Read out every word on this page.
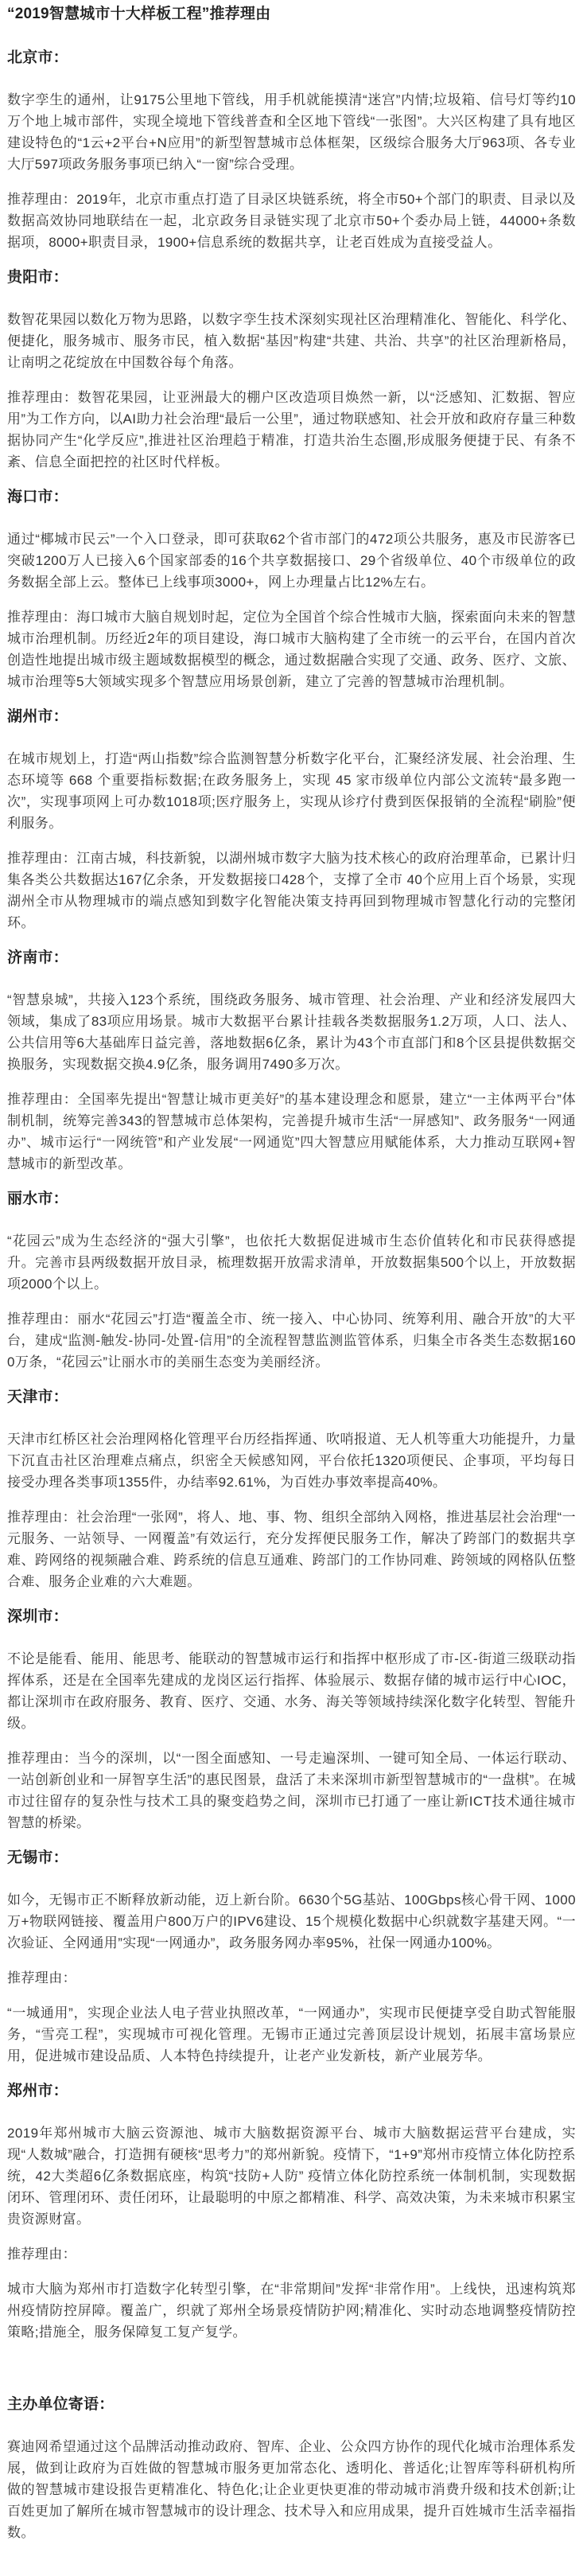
“2019智慧城市十大样板工程”推荐理由
北京市：

数字孪生的通州，让9175公里地下管线，用手机就能摸清“迷宫”内情;垃圾箱、信号灯等约10万个地上城市部件，实现全境地下管线普查和全区地下管线“一张图”。大兴区构建了具有地区建设特色的“1云+2平台+N应用”的新型智慧城市总体框架，区级综合服务大厅963项、各专业大厅597项政务服务事项已纳入“一窗”综合受理。

推荐理由：2019年，北京市重点打造了目录区块链系统，将全市50+个部门的职责、目录以及数据高效协同地联结在一起，北京政务目录链实现了北京市50+个委办局上链，44000+条数据项，8000+职责目录，1900+信息系统的数据共享，让老百姓成为直接受益人。

贵阳市：

数智花果园以数化万物为思路，以数字孪生技术深刻实现社区治理精准化、智能化、科学化、便捷化，服务城市、服务市民，植入数据“基因”构建“共建、共治、共享”的社区治理新格局，让南明之花绽放在中国数谷每个角落。

推荐理由：数智花果园，让亚洲最大的棚户区改造项目焕然一新，以“泛感知、汇数据、智应用”为工作方向，以AI助力社会治理“最后一公里”，通过物联感知、社会开放和政府存量三种数据协同产生“化学反应”,推进社区治理趋于精准，打造共治生态圈,形成服务便捷于民、有条不紊、信息全面把控的社区时代样板。

海口市：

通过“椰城市民云”一个入口登录，即可获取62个省市部门的472项公共服务，惠及市民游客已突破1200万人已接入6个国家部委的16个共享数据接口、29个省级单位、40个市级单位的政务数据全部上云。整体已上线事项3000+，网上办理量占比12%左右。

推荐理由：海口城市大脑自规划时起，定位为全国首个综合性城市大脑，探索面向未来的智慧城市治理机制。历经近2年的项目建设，海口城市大脑构建了全市统一的云平台，在国内首次创造性地提出城市级主题域数据模型的概念，通过数据融合实现了交通、政务、医疗、文旅、城市治理等5大领域实现多个智慧应用场景创新，建立了完善的智慧城市治理机制。

湖州市：

在城市规划上，打造“两山指数”综合监测智慧分析数字化平台，汇聚经济发展、社会治理、生态环境等 668 个重要指标数据;在政务服务上，实现 45 家市级单位内部公文流转“最多跑一次”，实现事项网上可办数1018项;医疗服务上，实现从诊疗付费到医保报销的全流程“刷脸”便利服务。

推荐理由：江南古城，科技新貌，以湖州城市数字大脑为技术核心的政府治理革命，已累计归集各类公共数据达167亿余条，开发数据接口428个，支撑了全市 40个应用上百个场景，实现湖州全市从物理城市的端点感知到数字化智能决策支持再回到物理城市智慧化行动的完整闭环。

济南市：

“智慧泉城”，共接入123个系统，围绕政务服务、城市管理、社会治理、产业和经济发展四大领域，集成了83项应用场景。城市大数据平台累计挂载各类数据服务1.2万项，人口、法人、公共信用等6大基础库日益完善，落地数据6亿条，累计为43个市直部门和8个区县提供数据交换服务，实现数据交换4.9亿条，服务调用7490多万次。

推荐理由：全国率先提出“智慧让城市更美好”的基本建设理念和愿景，建立“一主体两平台”体制机制，统筹完善343的智慧城市总体架构，完善提升城市生活“一屏感知”、政务服务“一网通办”、城市运行“一网统管”和产业发展“一网通览”四大智慧应用赋能体系，大力推动互联网+智慧城市的新型改革。

丽水市：

“花园云”成为生态经济的“强大引擎”，也依托大数据促进城市生态价值转化和市民获得感提升。完善市县两级数据开放目录，梳理数据开放需求清单，开放数据集500个以上，开放数据项2000个以上。

推荐理由：丽水“花园云”打造“覆盖全市、统一接入、中心协同、统筹利用、融合开放”的大平台，建成“监测-触发-协同-处置-信用”的全流程智慧监测监管体系，归集全市各类生态数据1600万条，“花园云”让丽水市的美丽生态变为美丽经济。

天津市：

天津市红桥区社会治理网格化管理平台历经指挥通、吹哨报道、无人机等重大功能提升，力量下沉直击社区治理难点痛点，织密全天候感知网，平台依托1320项便民、企事项，平均每日接受办理各类事项1355件，办结率92.61%，为百姓办事效率提高40%。

推荐理由：社会治理“一张网”，将人、地、事、物、组织全部纳入网格，推进基层社会治理“一元服务、一站领导、一网覆盖”有效运行，充分发挥便民服务工作，解决了跨部门的数据共享难、跨网络的视频融合难、跨系统的信息互通难、跨部门的工作协同难、跨领域的网格队伍整合难、服务企业难的六大难题。

深圳市：

不论是能看、能用、能思考、能联动的智慧城市运行和指挥中枢形成了市-区-街道三级联动指挥体系，还是在全国率先建成的龙岗区运行指挥、体验展示、数据存储的城市运行中心IOC，都让深圳市在政府服务、教育、医疗、交通、水务、海关等领域持续深化数字化转型、智能升级。

推荐理由：当今的深圳，以“一图全面感知、一号走遍深圳、一键可知全局、一体运行联动、一站创新创业和一屏智享生活”的惠民图景，盘活了未来深圳市新型智慧城市的“一盘棋”。在城市过往留存的复杂性与技术工具的聚变趋势之间，深圳市已打通了一座让新ICT技术通往城市智慧的桥梁。

无锡市：

如今，无锡市正不断释放新动能，迈上新台阶。6630个5G基站、100Gbps核心骨干网、1000万+物联网链接、覆盖用户800万户的IPV6建设、15个规模化数据中心织就数字基建天网。“一次验证、全网通用”实现“一网通办”，政务服务网办率95%，社保一网通办100%。

推荐理由：

“一城通用”，实现企业法人电子营业执照改革，“一网通办”，实现市民便捷享受自助式智能服务，“雪亮工程”，实现城市可视化管理。无锡市正通过完善顶层设计规划，拓展丰富场景应用，促进城市建设品质、人本特色持续提升，让老产业发新枝，新产业展芳华。

郑州市：

2019年郑州城市大脑云资源池、城市大脑数据资源平台、城市大脑数据运营平台建成，实现“人数城”融合，打造拥有硬核“思考力”的郑州新貌。疫情下，“1+9”郑州市疫情立体化防控系统，42大类超6亿条数据底座，构筑“技防+人防” 疫情立体化防控系统一体制机制，实现数据闭环、管理闭环、责任闭环，让最聪明的中原之都精准、科学、高效决策，为未来城市积累宝贵资源财富。

推荐理由：

城市大脑为郑州市打造数字化转型引擎，在“非常期间”发挥“非常作用”。上线快，迅速构筑郑州疫情防控屏障。覆盖广，织就了郑州全场景疫情防护网;精准化、实时动态地调整疫情防控策略;措施全，服务保障复工复产复学。

主办单位寄语：

赛迪网希望通过这个品牌活动推动政府、智库、企业、公众四方协作的现代化城市治理体系发展，做到让政府为百姓做的智慧城市服务更加常态化、透明化、普适化;让智库等科研机构所做的智慧城市建设报告更精准化、特色化;让企业更快更准的带动城市消费升级和技术创新;让百姓更加了解所在城市智慧城市的设计理念、技术导入和应用成果，提升百姓城市生活幸福指数。
